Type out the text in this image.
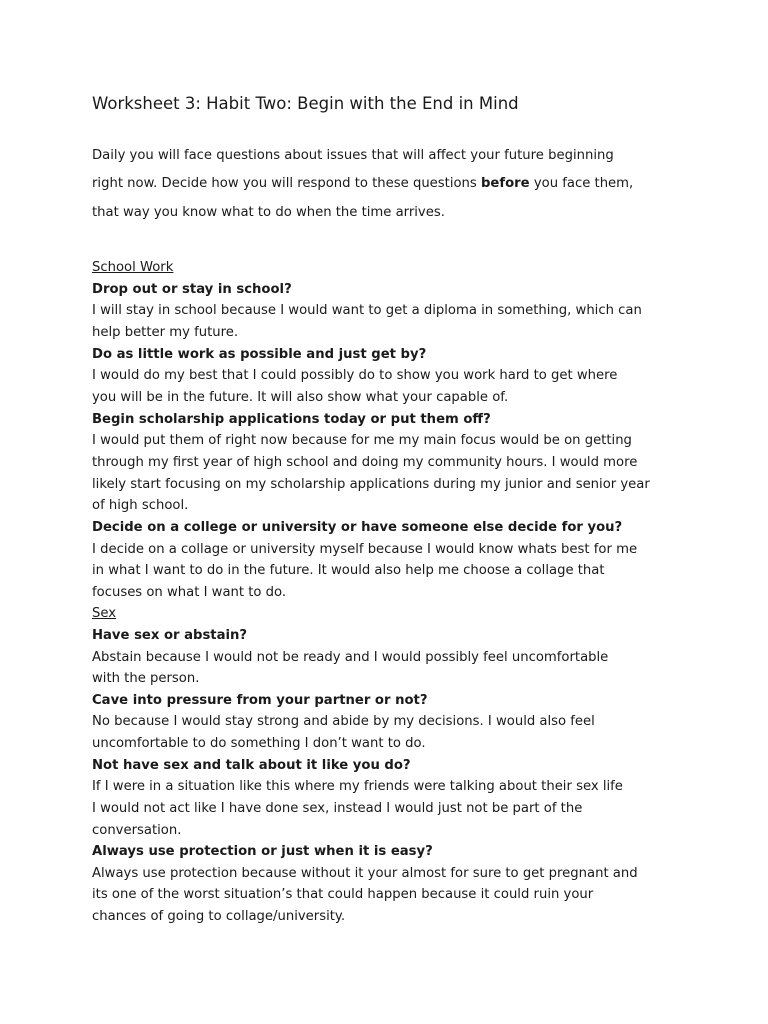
Worksheet 3: Habit Two: Begin with the End in Mind
Daily you will face questions about issues that will affect your future beginning
right now. Decide how you will respond to these questions before you face them,
that way you know what to do when the time arrives.
School Work
Drop out or stay in school?
I will stay in school because I would want to get a diploma in something, which can
help better my future.
Do as little work as possible and just get by?
I would do my best that I could possibly do to show you work hard to get where
you will be in the future. It will also show what your capable of.
Begin scholarship applications today or put them off?
I would put them of right now because for me my main focus would be on getting
through my first year of high school and doing my community hours. I would more
likely start focusing on my scholarship applications during my junior and senior year
of high school.
Decide on a college or university or have someone else decide for you?
I decide on a collage or university myself because I would know whats best for me
in what I want to do in the future. It would also help me choose a collage that
focuses on what I want to do.
Sex
Have sex or abstain?
Abstain because I would not be ready and I would possibly feel uncomfortable
with the person.
Cave into pressure from your partner or not?
No because I would stay strong and abide by my decisions. I would also feel
uncomfortable to do something I don’t want to do.
Not have sex and talk about it like you do?
If I were in a situation like this where my friends were talking about their sex life
I would not act like I have done sex, instead I would just not be part of the
conversation.
Always use protection or just when it is easy?
Always use protection because without it your almost for sure to get pregnant and
its one of the worst situation’s that could happen because it could ruin your
chances of going to collage/university.
